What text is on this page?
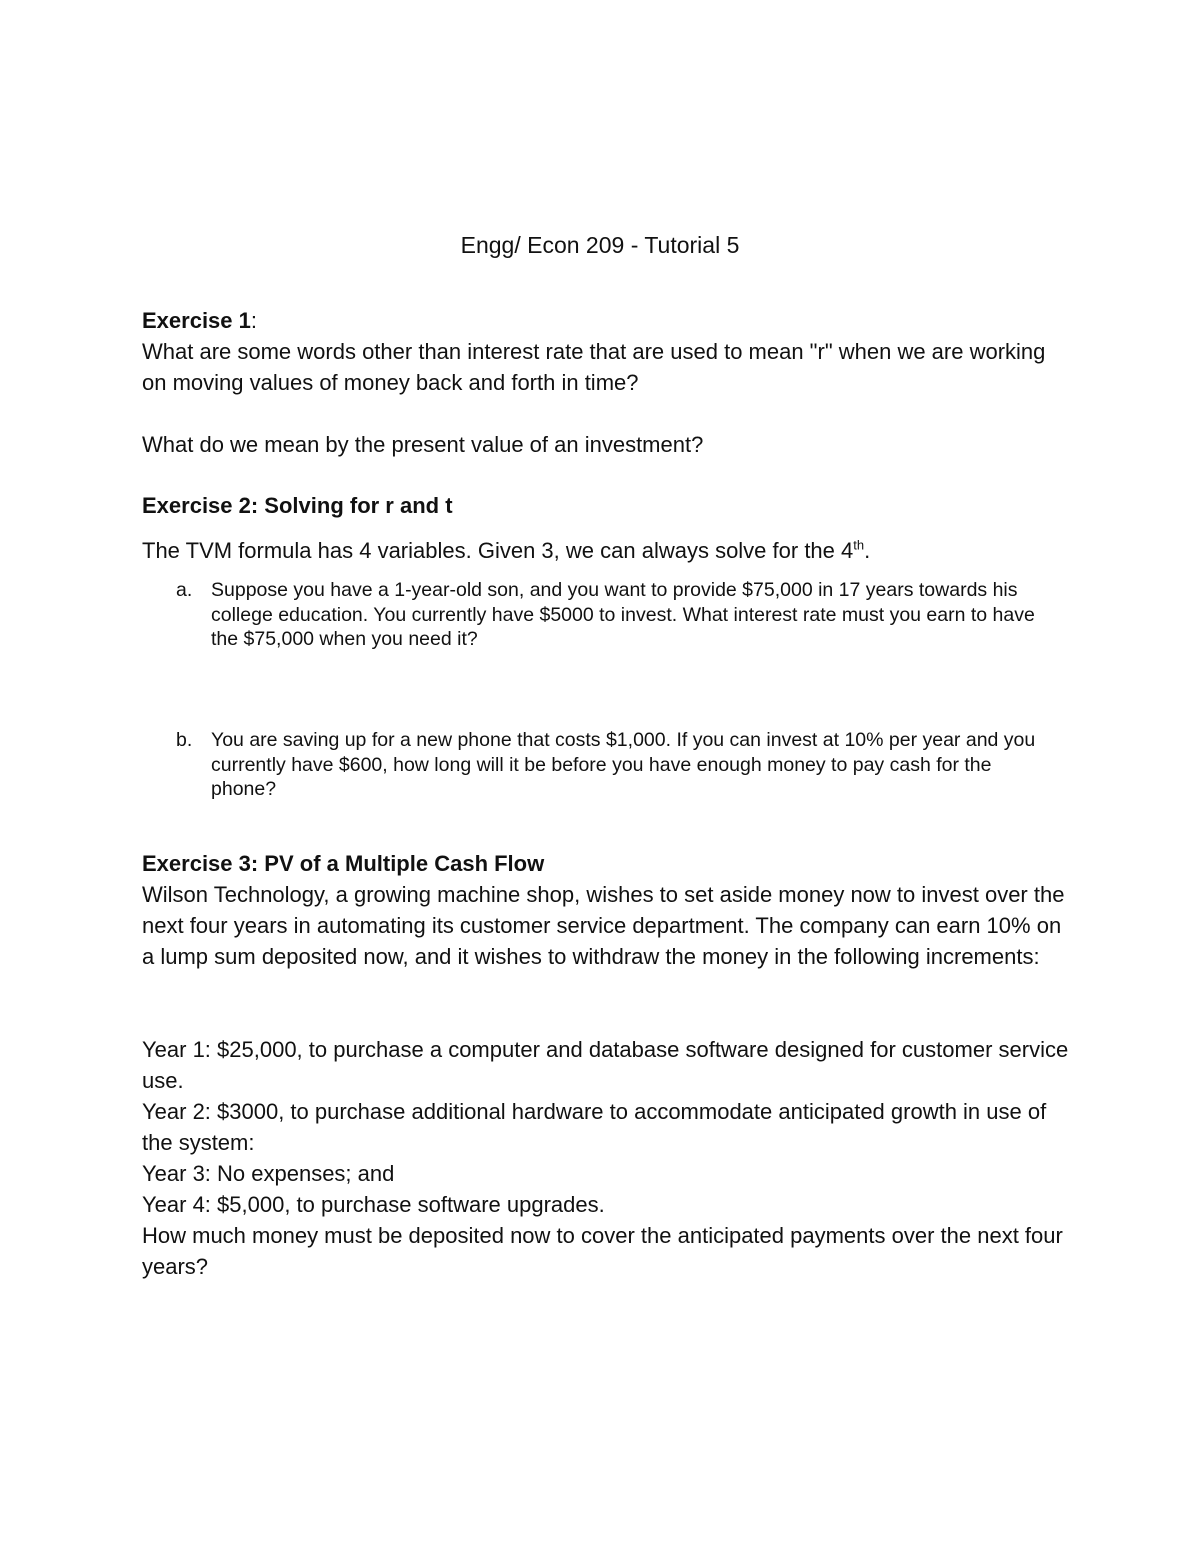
Engg/ Econ 209 - Tutorial 5
Exercise 1:

What are some words other than interest rate that are used to mean "r" when we are working on moving values of money back and forth in time?

What do we mean by the present value of an investment?

Exercise 2: Solving for r and t

The TVM formula has 4 variables. Given 3, we can always solve for the 4th.

a. Suppose you have a 1-year-old son, and you want to provide $75,000 in 17 years towards his college education. You currently have $5000 to invest. What interest rate must you earn to have the $75,000 when you need it?
b. You are saving up for a new phone that costs $1,000. If you can invest at 10% per year and you currently have $600, how long will it be before you have enough money to pay cash for the phone?
Exercise 3: PV of a Multiple Cash Flow

Wilson Technology, a growing machine shop, wishes to set aside money now to invest over the next four years in automating its customer service department. The company can earn 10% on a lump sum deposited now, and it wishes to withdraw the money in the following increments:

Year 1: $25,000, to purchase a computer and database software designed for customer service use.

Year 2: $3000, to purchase additional hardware to accommodate anticipated growth in use of the system:

Year 3: No expenses; and

Year 4: $5,000, to purchase software upgrades.

How much money must be deposited now to cover the anticipated payments over the next four years?
